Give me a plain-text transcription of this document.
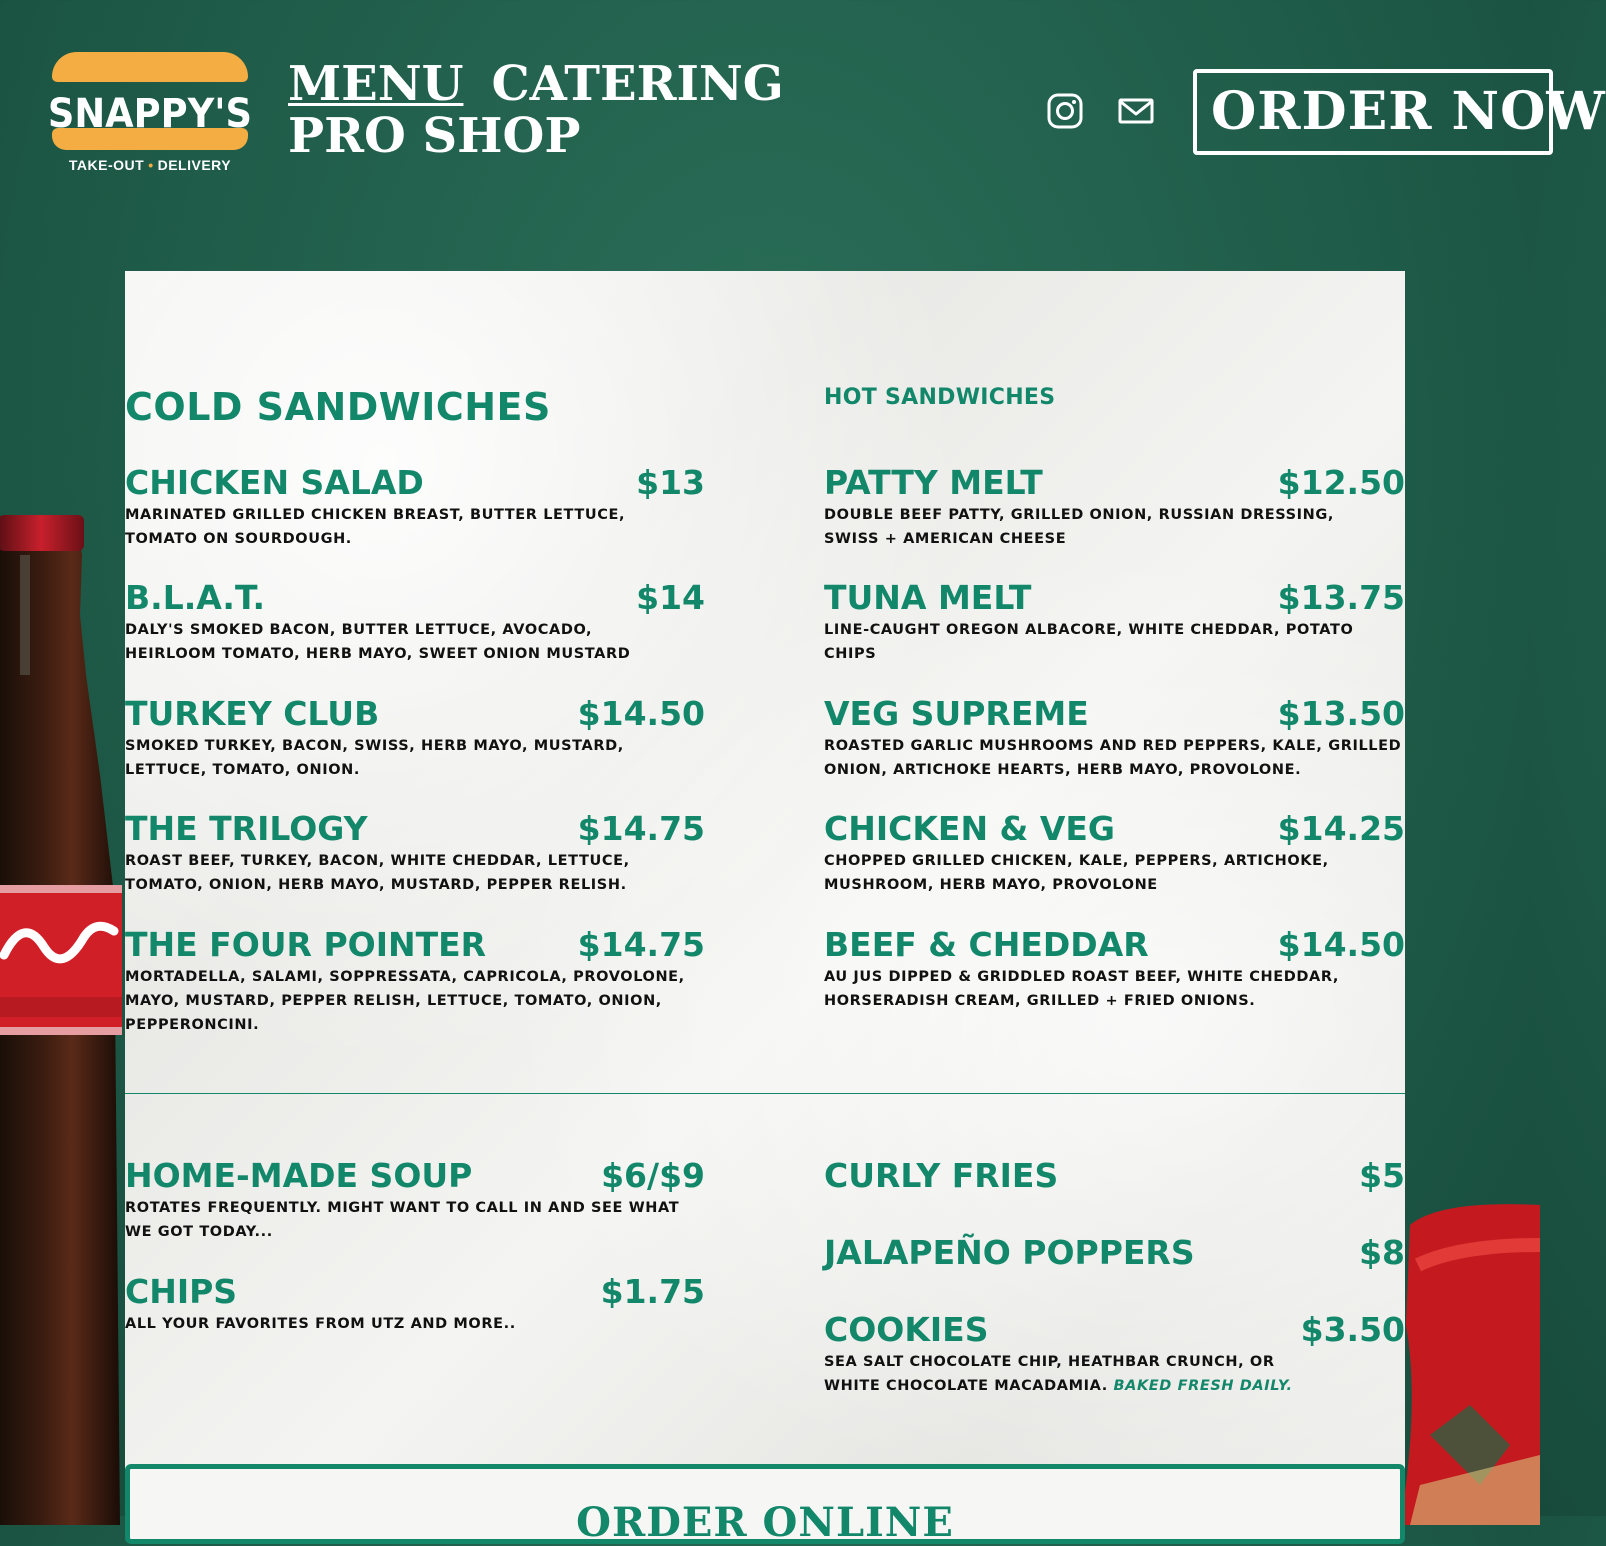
SNAPPY'S
TAKE-OUT • DELIVERY
MENU CATERING
PRO SHOP	ORDER NOW
COLD SANDWICHES	HOT SANDWICHES
CHICKEN SALAD	$13
MARINATED GRILLED CHICKEN BREAST, BUTTER LETTUCE, TOMATO ON SOURDOUGH.
B.L.A.T.	$14
DALY'S SMOKED BACON, BUTTER LETTUCE, AVOCADO, HEIRLOOM TOMATO, HERB MAYO, SWEET ONION MUSTARD
TURKEY CLUB	$14.50
SMOKED TURKEY, BACON, SWISS, HERB MAYO, MUSTARD, LETTUCE, TOMATO, ONION.
THE TRILOGY	$14.75
ROAST BEEF, TURKEY, BACON, WHITE CHEDDAR, LETTUCE, TOMATO, ONION, HERB MAYO, MUSTARD, PEPPER RELISH.
THE FOUR POINTER	$14.75
MORTADELLA, SALAMI, SOPPRESSATA, CAPRICOLA, PROVOLONE, MAYO, MUSTARD, PEPPER RELISH, LETTUCE, TOMATO, ONION, PEPPERONCINI.
PATTY MELT	$12.50
DOUBLE BEEF PATTY, GRILLED ONION, RUSSIAN DRESSING, SWISS + AMERICAN CHEESE
TUNA MELT	$13.75
LINE-CAUGHT OREGON ALBACORE, WHITE CHEDDAR, POTATO CHIPS
VEG SUPREME	$13.50
ROASTED GARLIC MUSHROOMS AND RED PEPPERS, KALE, GRILLED ONION, ARTICHOKE HEARTS, HERB MAYO, PROVOLONE.
CHICKEN & VEG	$14.25
CHOPPED GRILLED CHICKEN, KALE, PEPPERS, ARTICHOKE, MUSHROOM, HERB MAYO, PROVOLONE
BEEF & CHEDDAR	$14.50
AU JUS DIPPED & GRIDDLED ROAST BEEF, WHITE CHEDDAR, HORSERADISH CREAM, GRILLED + FRIED ONIONS.
HOME-MADE SOUP	$6/$9
ROTATES FREQUENTLY. MIGHT WANT TO CALL IN AND SEE WHAT WE GOT TODAY...
CHIPS	$1.75
ALL YOUR FAVORITES FROM UTZ AND MORE..
CURLY FRIES	$5
JALAPEÑO POPPERS	$8
COOKIES	$3.50
SEA SALT CHOCOLATE CHIP, HEATHBAR CRUNCH, OR WHITE CHOCOLATE MACADAMIA. BAKED FRESH DAILY.
ORDER ONLINE
